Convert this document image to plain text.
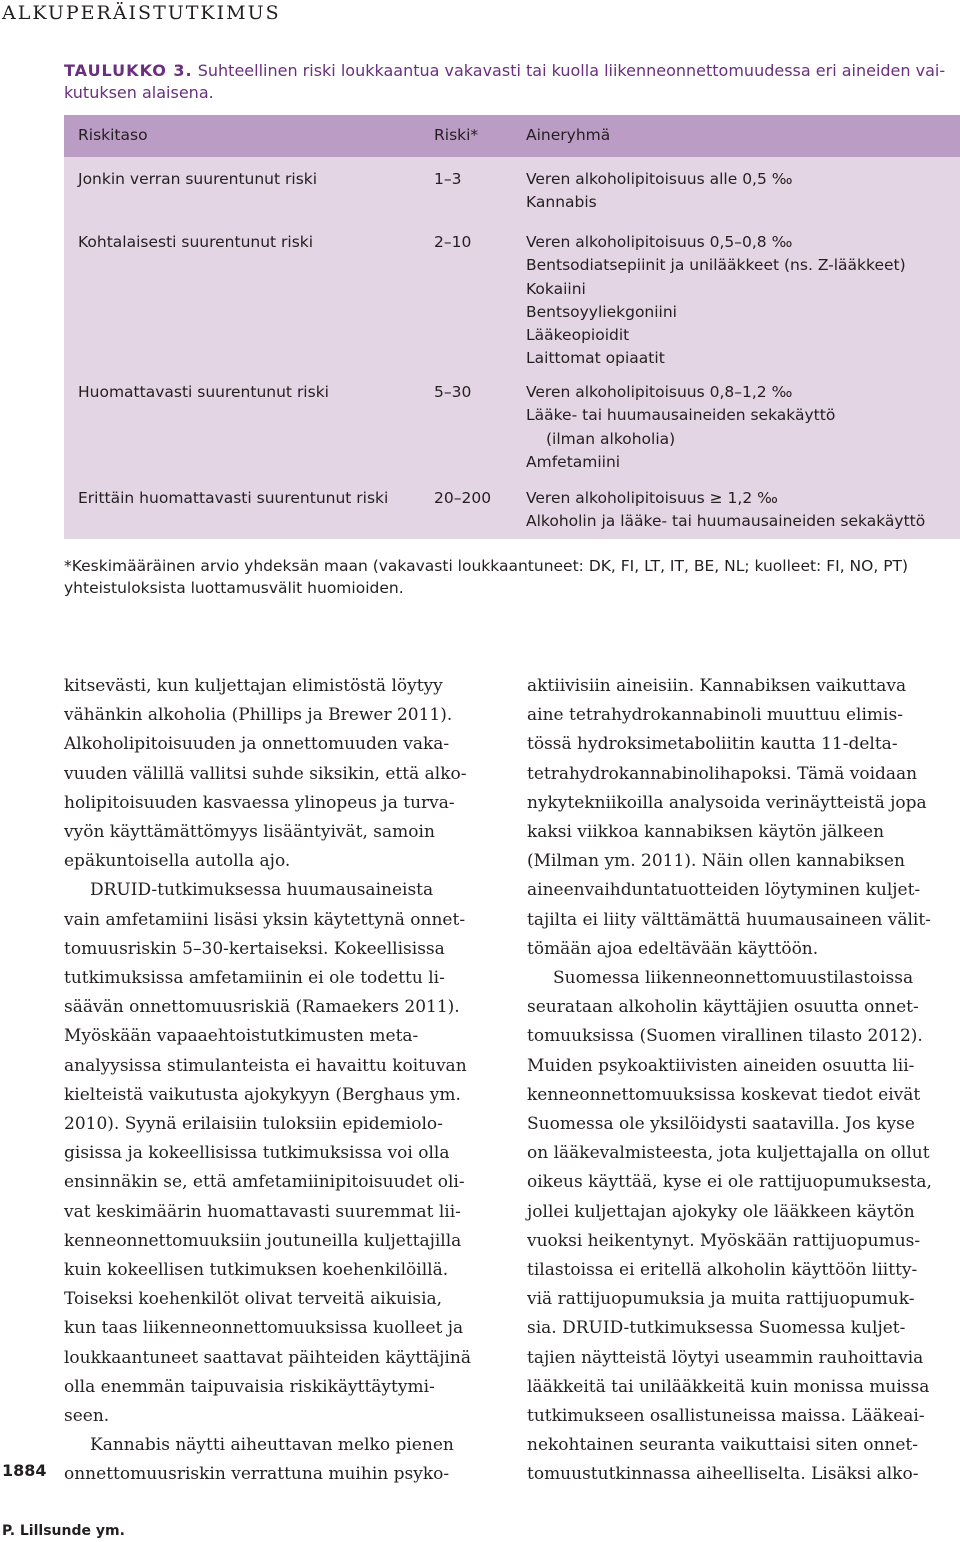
ALKUPERÄISTUTKIMUS
TAULUKKO 3. Suhteellinen riski loukkaantua vakavasti tai kuolla liikenneonnettomuudessa eri aineiden vai-
kutuksen alaisena.
Riskitaso	Riski*	Aineryhmä
Jonkin verran suurentunut riski	1–3	Veren alkoholipitoisuus alle 0,5 ‰
Kannabis
Kohtalaisesti suurentunut riski	2–10	Veren alkoholipitoisuus 0,5–0,8 ‰
Bentsodiatsepiinit ja unilääkkeet (ns. Z-lääkkeet)
Kokaiini
Bentsoyyliekgoniini
Lääkeopioidit
Laittomat opiaatit
Huomattavasti suurentunut riski	5–30	Veren alkoholipitoisuus 0,8–1,2 ‰
Lääke- tai huumausaineiden sekakäyttö
(ilman alkoholia)
Amfetamiini
Erittäin huomattavasti suurentunut riski	20–200 Veren alkoholipitoisuus ≥ 1,2 ‰
Alkoholin ja lääke- tai huumausaineiden sekakäyttö
*Keskimääräinen arvio yhdeksän maan (vakavasti loukkaantuneet: DK, FI, LT, IT, BE, NL; kuolleet: FI, NO, PT)
yhteistuloksista luottamusvälit huomioiden.
kitsevästi, kun kuljettajan elimistöstä löytyy
vähänkin alkoholia (Phillips ja Brewer 2011).
Alkoholipitoisuuden ja onnettomuuden vaka-
vuuden välillä vallitsi suhde siksikin, että alko-
holipitoisuuden kasvaessa ylinopeus ja turva-
vyön käyttämättömyys lisääntyivät, samoin
epäkuntoisella autolla ajo.
DRUID-tutkimuksessa huumausaineista
vain amfetamiini lisäsi yksin käytettynä onnet-
tomuusriskin 5–30-kertaiseksi. Kokeellisissa
tutkimuksissa amfetamiinin ei ole todettu li-
säävän onnettomuusriskiä (Ramaekers 2011).
Myöskään vapaaehtoistutkimusten meta-
analyysissa stimulanteista ei havaittu koituvan
kielteistä vaikutusta ajokykyyn (Berghaus ym.
2010). Syynä erilaisiin tuloksiin epidemiolo-
gisissa ja kokeellisissa tutkimuksissa voi olla
ensinnäkin se, että amfetamiinipitoisuudet oli-
vat keskimäärin huomattavasti suuremmat lii-
kenneonnettomuuksiin joutuneilla kuljettajilla
kuin kokeellisen tutkimuksen koehenkilöillä.
Toiseksi koehenkilöt olivat terveitä aikuisia,
kun taas liikenneonnettomuuksissa kuolleet ja
loukkaantuneet saattavat päihteiden käyttäjinä
olla enemmän taipuvaisia riskikäyttäytymi-
seen.
Kannabis näytti aiheuttavan melko pienen
onnettomuusriskin verrattuna muihin psyko-
aktiivisiin aineisiin. Kannabiksen vaikuttava
aine tetrahydrokannabinoli muuttuu elimis-
tössä hydroksimetaboliitin kautta 11-delta-
tetrahydrokannabinolihapoksi. Tämä voidaan
nykytekniikoilla analysoida verinäytteistä jopa
kaksi viikkoa kannabiksen käytön jälkeen
(Milman ym. 2011). Näin ollen kannabiksen
aineenvaihduntatuotteiden löytyminen kuljet-
tajilta ei liity välttämättä huumausaineen välit-
tömään ajoa edeltävään käyttöön.
Suomessa liikenneonnettomuustilastoissa
seurataan alkoholin käyttäjien osuutta onnet-
tomuuksissa (Suomen virallinen tilasto 2012).
Muiden psykoaktiivisten aineiden osuutta lii-
kenneonnettomuuksissa koskevat tiedot eivät
Suomessa ole yksilöidysti saatavilla. Jos kyse
on lääkevalmisteesta, jota kuljettajalla on ollut
oikeus käyttää, kyse ei ole rattijuopumuksesta,
jollei kuljettajan ajokyky ole lääkkeen käytön
vuoksi heikentynyt. Myöskään rattijuopumus-
tilastoissa ei eritellä alkoholin käyttöön liitty-
viä rattijuopumuksia ja muita rattijuopumuk-
sia. DRUID-tutkimuksessa Suomessa kuljet-
tajien näytteistä löytyi useammin rauhoittavia
lääkkeitä tai unilääkkeitä kuin monissa muissa
tutkimukseen osallistuneissa maissa. Lääkeai-
nekohtainen seuranta vaikuttaisi siten onnet-
tomuustutkinnassa aiheelliselta. Lisäksi alko-
1884
P. Lillsunde ym.
